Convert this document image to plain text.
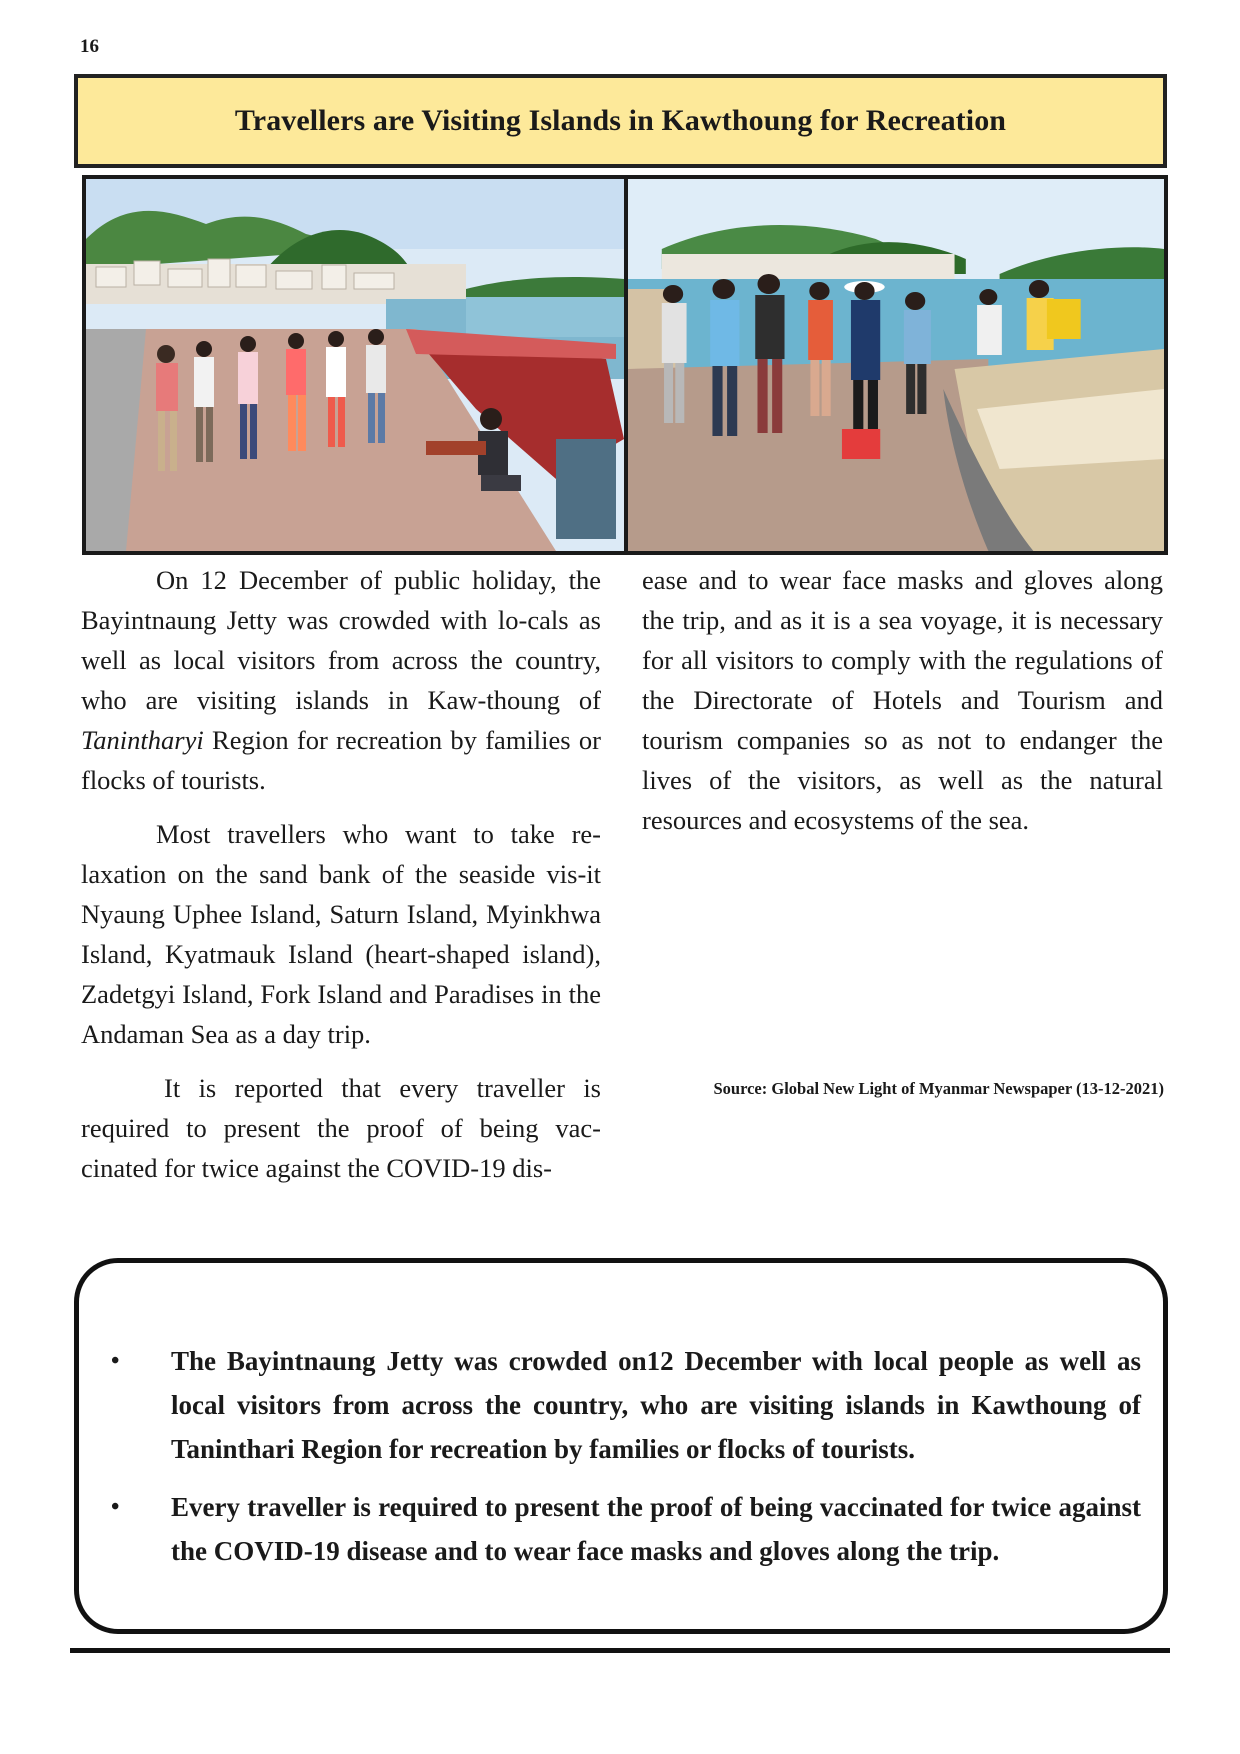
16
Travellers are Visiting Islands in Kawthoung for Recreation

On 12 December of public holiday, the Bayintnaung Jetty was crowded with lo-cals as well as local visitors from across the country, who are visiting islands in Kaw-thoung of Tanintharyi Region for recreation by families or flocks of tourists.

Most travellers who want to take re-laxation on the sand bank of the seaside vis-it Nyaung Uphee Island, Saturn Island, Myinkhwa Island, Kyatmauk Island (heart-shaped island), Zadetgyi Island, Fork Island and Paradises in the Andaman Sea as a day trip.

It is reported that every traveller is required to present the proof of being vac-cinated for twice against the COVID-19 dis-

ease and to wear face masks and gloves along the trip, and as it is a sea voyage, it is necessary for all visitors to comply with the regulations of the Directorate of Hotels and Tourism and tourism companies so as not to endanger the lives of the visitors, as well as the natural resources and ecosystems of the sea.

Source: Global New Light of Myanmar Newspaper (13-12-2021)
• The Bayintnaung Jetty was crowded on12 December with local people as well as local visitors from across the country, who are visiting islands in Kawthoung of Taninthari Region for recreation by families or flocks of tourists.
• Every traveller is required to present the proof of being vaccinated for twice against the COVID-19 disease and to wear face masks and gloves along the trip.
